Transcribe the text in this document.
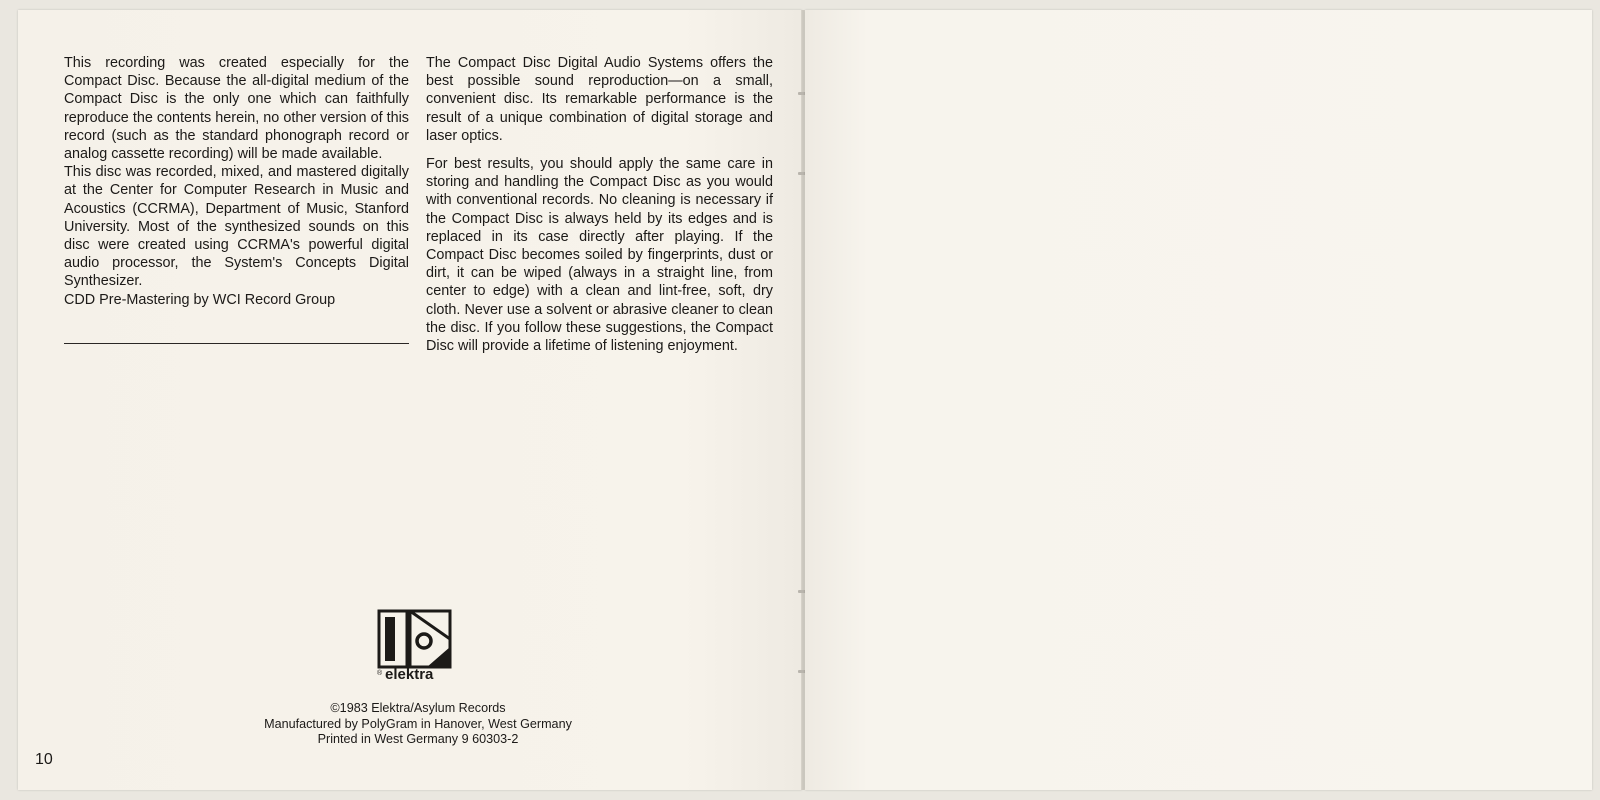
This recording was created especially for the Compact Disc. Because the all-digital medium of the Compact Disc is the only one which can faithfully reproduce the contents herein, no other version of this record (such as the standard phonograph record or analog cassette recording) will be made available.

This disc was recorded, mixed, and mastered digitally at the Center for Computer Research in Music and Acoustics (CCRMA), Department of Music, Stanford University. Most of the synthesized sounds on this disc were created using CCRMA's powerful digital audio processor, the System's Concepts Digital Synthesizer.

CDD Pre-Mastering by WCI Record Group

The Compact Disc Digital Audio Systems offers the best possible sound reproduction—on a small, convenient disc. Its remarkable performance is the result of a unique combination of digital storage and laser optics.

For best results, you should apply the same care in storing and handling the Compact Disc as you would with conventional records. No cleaning is necessary if the Compact Disc is always held by its edges and is replaced in its case directly after playing. If the Compact Disc becomes soiled by fingerprints, dust or dirt, it can be wiped (always in a straight line, from center to edge) with a clean and lint-free, soft, dry cloth. Never use a solvent or abrasive cleaner to clean the disc. If you follow these suggestions, the Compact Disc will provide a lifetime of listening enjoyment.

® elektra
©1983 Elektra/Asylum Records
Manufactured by PolyGram in Hanover, West Germany
Printed in West Germany 9 60303-2
10
